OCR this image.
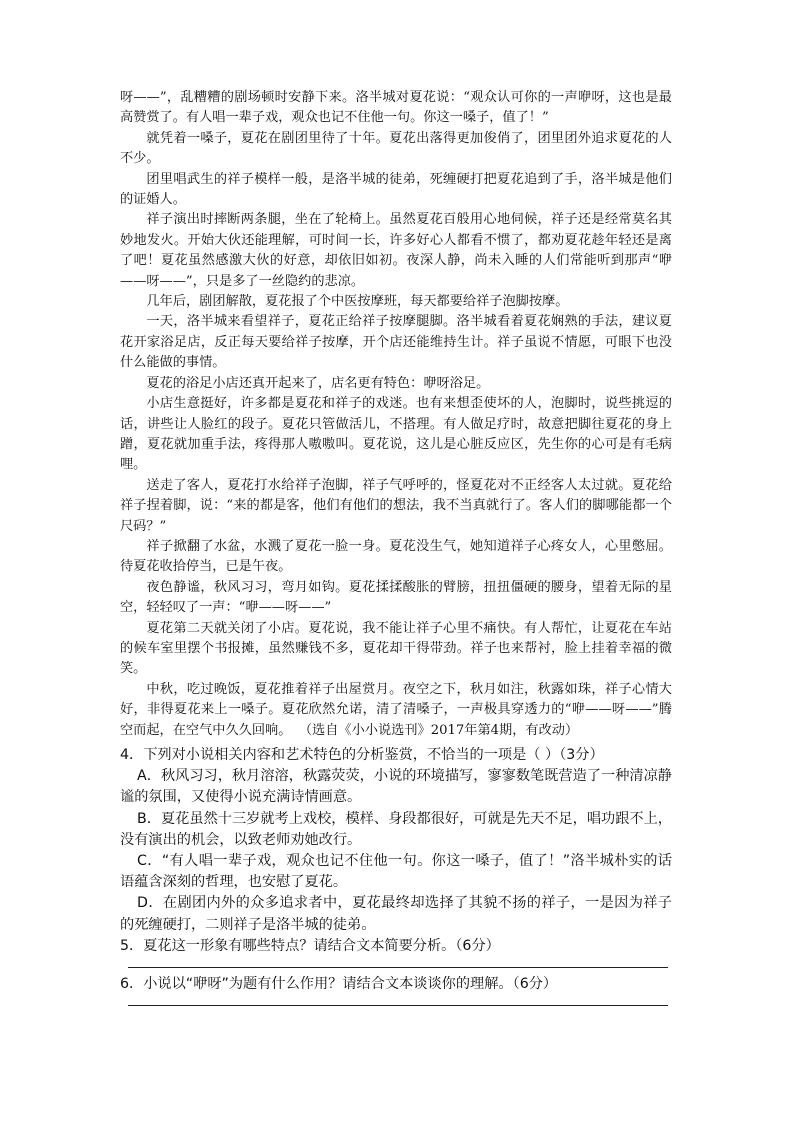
呀——”，乱糟糟的剧场顿时安静下来。洛半城对夏花说：“观众认可你的一声咿呀，这也是最高赞赏了。有人唱一辈子戏，观众也记不住他一句。你这一嗓子，值了！”

就凭着一嗓子，夏花在剧团里待了十年。夏花出落得更加俊俏了，团里团外追求夏花的人不少。

团里唱武生的祥子模样一般，是洛半城的徒弟，死缠硬打把夏花追到了手，洛半城是他们的证婚人。

祥子演出时摔断两条腿，坐在了轮椅上。虽然夏花百般用心地伺候，祥子还是经常莫名其妙地发火。开始大伙还能理解，可时间一长，许多好心人都看不惯了，都劝夏花趁年轻还是离了吧！夏花虽然感激大伙的好意，却依旧如初。夜深人静，尚未入睡的人们常能听到那声“咿——呀——”，只是多了一丝隐约的悲凉。

几年后，剧团解散，夏花报了个中医按摩班，每天都要给祥子泡脚按摩。

一天，洛半城来看望祥子，夏花正给祥子按摩腿脚。洛半城看着夏花娴熟的手法，建议夏花开家浴足店，反正每天要给祥子按摩，开个店还能维持生计。祥子虽说不情愿，可眼下也没什么能做的事情。

夏花的浴足小店还真开起来了，店名更有特色：咿呀浴足。

小店生意挺好，许多都是夏花和祥子的戏迷。也有来想歪使坏的人，泡脚时，说些挑逗的话，讲些让人脸红的段子。夏花只管做活儿，不搭理。有人做足疗时，故意把脚往夏花的身上蹭，夏花就加重手法，疼得那人嗷嗷叫。夏花说，这儿是心脏反应区，先生你的心可是有毛病哩。

送走了客人，夏花打水给祥子泡脚，祥子气呼呼的，怪夏花对不正经客人太过就。夏花给祥子捏着脚，说：“来的都是客，他们有他们的想法，我不当真就行了。客人们的脚哪能都一个尺码？”

祥子掀翻了水盆，水溅了夏花一脸一身。夏花没生气，她知道祥子心疼女人，心里憋屈。待夏花收拾停当，已是午夜。

夜色静谧，秋风习习，弯月如钩。夏花揉揉酸胀的臂膀，扭扭僵硬的腰身，望着无际的星空，轻轻叹了一声：“咿——呀——”

夏花第二天就关闭了小店。夏花说，我不能让祥子心里不痛快。有人帮忙，让夏花在车站的候车室里摆个书报摊，虽然赚钱不多，夏花却干得带劲。祥子也来帮衬，脸上挂着幸福的微笑。

中秋，吃过晚饭，夏花推着祥子出屋赏月。夜空之下，秋月如注，秋露如珠，祥子心情大好，非得夏花来上一嗓子。夏花欣然允诺，清了清嗓子，一声极具穿透力的“咿——呀——”腾空而起，在空气中久久回响。 （选自《小小说选刊》2017年第4期，有改动）

4．下列对小说相关内容和艺术特色的分析鉴赏，不恰当的一项是（ ）（3分）

A．秋风习习，秋月溶溶，秋露荧荧，小说的环境描写，寥寥数笔既营造了一种清凉静谧的氛围，又使得小说充满诗情画意。

B．夏花虽然十三岁就考上戏校，模样、身段都很好，可就是先天不足，唱功跟不上，没有演出的机会，以致老师劝她改行。

C．“有人唱一辈子戏，观众也记不住他一句。你这一嗓子，值了！”洛半城朴实的话语蕴含深刻的哲理，也安慰了夏花。

D．在剧团内外的众多追求者中，夏花最终却选择了其貌不扬的祥子，一是因为祥子的死缠硬打，二则祥子是洛半城的徒弟。

5．夏花这一形象有哪些特点？请结合文本简要分析。（6分）

6．小说以“咿呀”为题有什么作用？请结合文本谈谈你的理解。（6分）
